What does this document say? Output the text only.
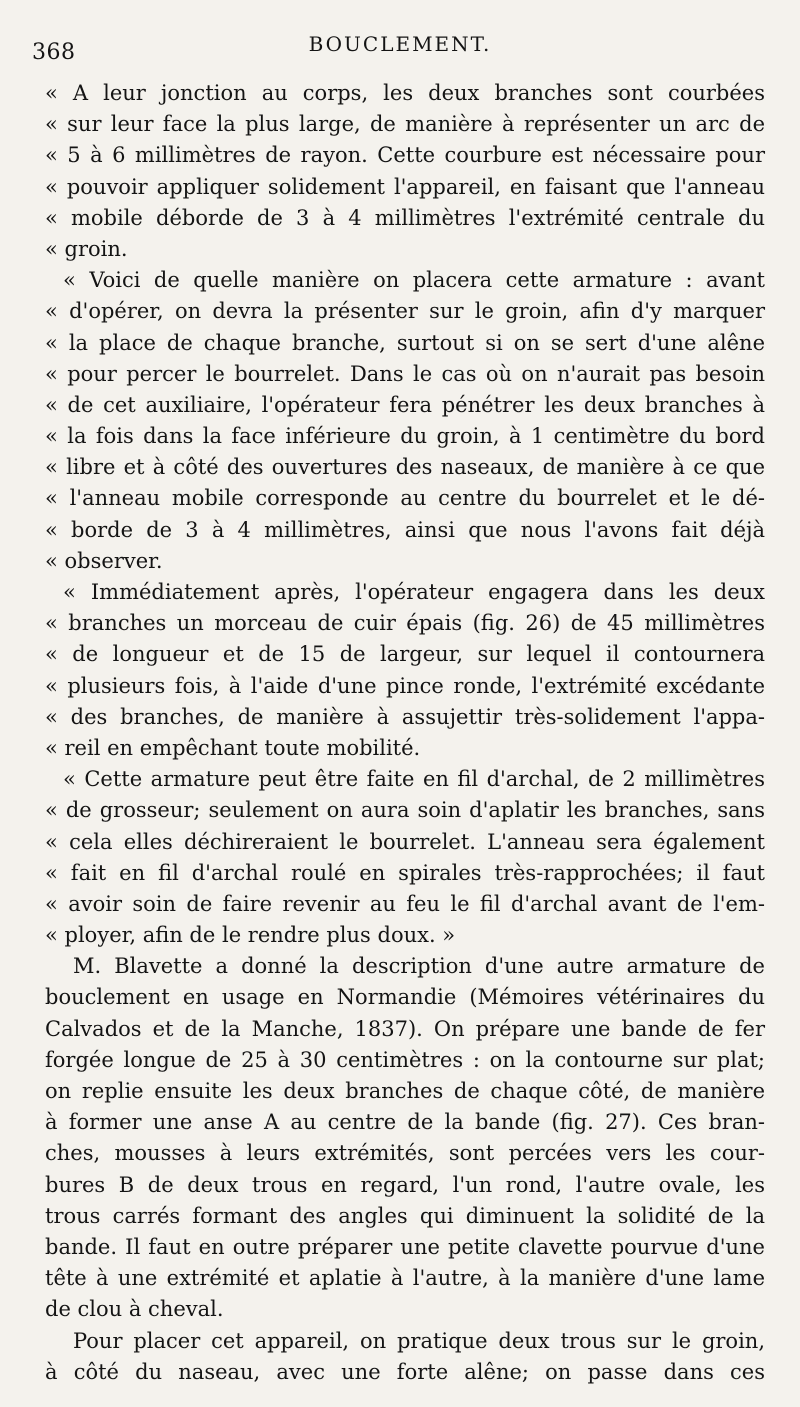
368	BOUCLEMENT.
« A leur jonction au corps, les deux branches sont courbées
« sur leur face la plus large, de manière à représenter un arc de
« 5 à 6 millimètres de rayon. Cette courbure est nécessaire pour
« pouvoir appliquer solidement l'appareil, en faisant que l'anneau
« mobile déborde de 3 à 4 millimètres l'extrémité centrale du
« groin.
« Voici de quelle manière on placera cette armature : avant
« d'opérer, on devra la présenter sur le groin, afin d'y marquer
« la place de chaque branche, surtout si on se sert d'une alêne
« pour percer le bourrelet. Dans le cas où on n'aurait pas besoin
« de cet auxiliaire, l'opérateur fera pénétrer les deux branches à
« la fois dans la face inférieure du groin, à 1 centimètre du bord
« libre et à côté des ouvertures des naseaux, de manière à ce que
« l'anneau mobile corresponde au centre du bourrelet et le dé-
« borde de 3 à 4 millimètres, ainsi que nous l'avons fait déjà
« observer.
« Immédiatement après, l'opérateur engagera dans les deux
« branches un morceau de cuir épais (fig. 26) de 45 millimètres
« de longueur et de 15 de largeur, sur lequel il contournera
« plusieurs fois, à l'aide d'une pince ronde, l'extrémité excédante
« des branches, de manière à assujettir très-solidement l'appa-
« reil en empêchant toute mobilité.
« Cette armature peut être faite en fil d'archal, de 2 millimètres
« de grosseur; seulement on aura soin d'aplatir les branches, sans
« cela elles déchireraient le bourrelet. L'anneau sera également
« fait en fil d'archal roulé en spirales très-rapprochées; il faut
« avoir soin de faire revenir au feu le fil d'archal avant de l'em-
« ployer, afin de le rendre plus doux. »
M. Blavette a donné la description d'une autre armature de
bouclement en usage en Normandie (Mémoires vétérinaires du
Calvados et de la Manche, 1837). On prépare une bande de fer
forgée longue de 25 à 30 centimètres : on la contourne sur plat;
on replie ensuite les deux branches de chaque côté, de manière
à former une anse A au centre de la bande (fig. 27). Ces bran-
ches, mousses à leurs extrémités, sont percées vers les cour-
bures B de deux trous en regard, l'un rond, l'autre ovale, les
trous carrés formant des angles qui diminuent la solidité de la
bande. Il faut en outre préparer une petite clavette pourvue d'une
tête à une extrémité et aplatie à l'autre, à la manière d'une lame
de clou à cheval.
Pour placer cet appareil, on pratique deux trous sur le groin,
à côté du naseau, avec une forte alêne; on passe dans ces
